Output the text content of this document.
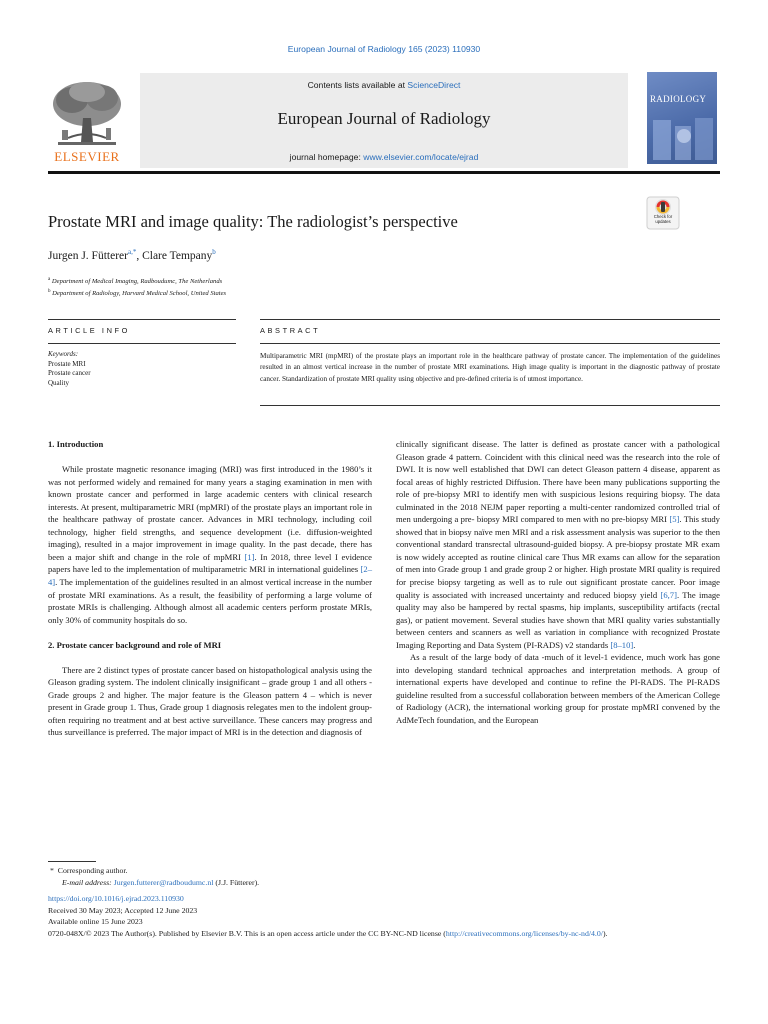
European Journal of Radiology 165 (2023) 110930
ELSEVIER
Contents lists available at ScienceDirect
European Journal of Radiology
journal homepage: www.elsevier.com/locate/ejrad
RADIOLOGY
Prostate MRI and image quality: The radiologist’s perspective	Check for updates
Jurgen J. Fütterer$^{a,*}$, Clare Tempany$^b$
$^a$ Department of Medical Imaging, Radboudumc, The Netherlands
$^b$ Department of Radiology, Harvard Medical School, United States
ARTICLE INFO	ABSTRACT
Keywords:
Prostate MRI
Prostate cancer
Quality
Multiparametric MRI (mpMRI) of the prostate plays an important role in the healthcare pathway of prostate cancer. The implementation of the guidelines resulted in an almost vertical increase in the number of prostate MRI examinations. High image quality is important in the diagnostic pathway of prostate cancer. Standardization of prostate MRI quality using objective and pre-defined criteria is of utmost importance.
1. Introduction

While prostate magnetic resonance imaging (MRI) was first introduced in the 1980’s it was not performed widely and remained for many years a staging examination in men with known prostate cancer and performed in large academic centers with clinical research interests. At present, multiparametric MRI (mpMRI) of the prostate plays an important role in the healthcare pathway of prostate cancer. Advances in MRI technology, including coil technology, higher field strengths, and sequence development (i.e. diffusion-weighted imaging), resulted in a major improvement in image quality. In the past decade, there has been a major shift and change in the role of mpMRI [1]. In 2018, three level I evidence papers have led to the implementation of multiparametric MRI in international guidelines [2–4]. The implementation of the guidelines resulted in an almost vertical increase in the number of prostate MRI examinations. As a result, the feasibility of performing a large volume of prostate MRIs is challenging. Although almost all academic centers perform prostate MRIs, only 30% of community hospitals do so.

2. Prostate cancer background and role of MRI

There are 2 distinct types of prostate cancer based on histopathological analysis using the Gleason grading system. The indolent clinically insignificant – grade group 1 and all others -Grade groups 2 and higher. The major feature is the Gleason pattern 4 – which is never present in Grade group 1. Thus, Grade group 1 diagnosis relegates men to the indolent group- often requiring no treatment and at best active surveillance. These cancers may progress and thus surveillance is preferred. The major impact of MRI is in the detection and diagnosis of

clinically significant disease. The latter is defined as prostate cancer with a pathological Gleason grade 4 pattern. Coincident with this clinical need was the research into the role of DWI. It is now well established that DWI can detect Gleason pattern 4 disease, apparent as focal areas of highly restricted Diffusion. There have been many publications supporting the role of pre-biopsy MRI to identify men with suspicious lesions requiring biopsy. The data culminated in the 2018 NEJM paper reporting a multi-center randomized controlled trial of men undergoing a pre- biopsy MRI compared to men with no pre-biopsy MRI [5]. This study showed that in biopsy naïve men MRI and a risk assessment analysis was superior to the then conventional standard transrectal ultrasound-guided biopsy. A pre-biopsy prostate MR exam is now widely accepted as routine clinical care Thus MR exams can allow for the separation of men into Grade group 1 and grade group 2 or higher. High prostate MRI quality is required for precise biopsy targeting as well as to rule out significant prostate cancer. Poor image quality is associated with increased uncertainty and reduced biopsy yield [6,7]. The image quality may also be hampered by rectal spasms, hip implants, susceptibility artifacts (rectal gas), or patient movement. Several studies have shown that MRI quality varies substantially between centers and scanners as well as variation in compliance with recognized Prostate Imaging Reporting and Data System (PI-RADS) v2 standards [8–10].

As a result of the large body of data -much of it level-1 evidence, much work has gone into developing standard technical approaches and interpretation methods. A group of international experts have developed and continue to refine the PI-RADS. The PI-RADS guideline resulted from a successful collaboration between members of the American College of Radiology (ACR), the international working group for prostate mpMRI convened by the AdMeTech foundation, and the European

* Corresponding author.
E-mail address: Jurgen.futterer@radboudumc.nl (J.J. Fütterer).
https://doi.org/10.1016/j.ejrad.2023.110930
Received 30 May 2023; Accepted 12 June 2023
Available online 15 June 2023
0720-048X/© 2023 The Author(s). Published by Elsevier B.V. This is an open access article under the CC BY-NC-ND license (http://creativecommons.org/licenses/by-nc-nd/4.0/).
